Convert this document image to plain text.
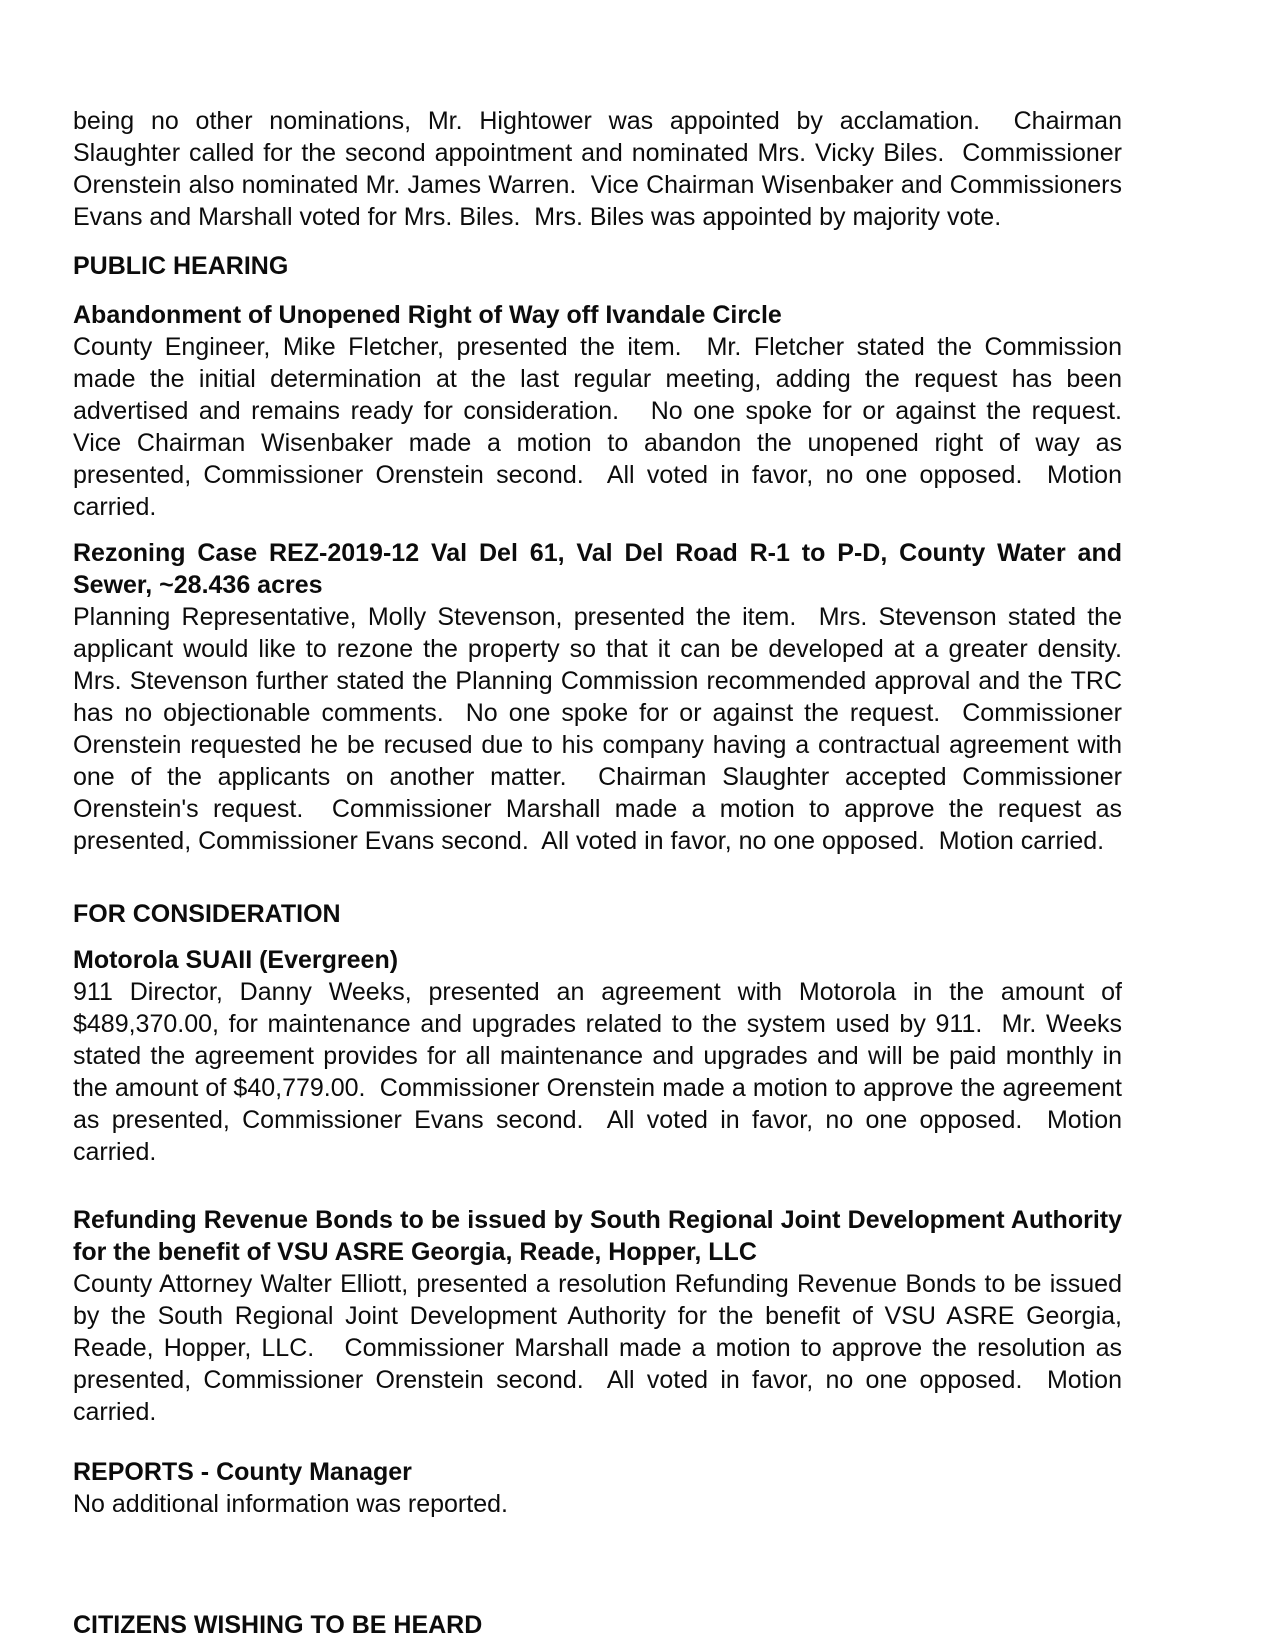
being no other nominations, Mr. Hightower was appointed by acclamation.  Chairman Slaughter called for the second appointment and nominated Mrs. Vicky Biles.  Commissioner Orenstein also nominated Mr. James Warren.  Vice Chairman Wisenbaker and Commissioners Evans and Marshall voted for Mrs. Biles.  Mrs. Biles was appointed by majority vote.

PUBLIC HEARING
Abandonment of Unopened Right of Way off Ivandale Circle

County Engineer, Mike Fletcher, presented the item.  Mr. Fletcher stated the Commission made the initial determination at the last regular meeting, adding the request has been advertised and remains ready for consideration.   No one spoke for or against the request.  Vice Chairman Wisenbaker made a motion to abandon the unopened right of way as presented, Commissioner Orenstein second.  All voted in favor, no one opposed.  Motion carried.

Rezoning Case REZ-2019-12 Val Del 61, Val Del Road R-1 to P-D, County Water and Sewer, ~28.436 acres

Planning Representative, Molly Stevenson, presented the item.  Mrs. Stevenson stated the applicant would like to rezone the property so that it can be developed at a greater density.  Mrs. Stevenson further stated the Planning Commission recommended approval and the TRC has no objectionable comments.  No one spoke for or against the request.  Commissioner Orenstein requested he be recused due to his company having a contractual agreement with one of the applicants on another matter.  Chairman Slaughter accepted Commissioner Orenstein's request.  Commissioner Marshall made a motion to approve the request as presented, Commissioner Evans second.  All voted in favor, no one opposed.  Motion carried.

FOR CONSIDERATION
Motorola SUAII (Evergreen)

911 Director, Danny Weeks, presented an agreement with Motorola in the amount of $489,370.00, for maintenance and upgrades related to the system used by 911.  Mr. Weeks stated the agreement provides for all maintenance and upgrades and will be paid monthly in the amount of $40,779.00.  Commissioner Orenstein made a motion to approve the agreement as presented, Commissioner Evans second.  All voted in favor, no one opposed.  Motion carried.

Refunding Revenue Bonds to be issued by South Regional Joint Development Authority for the benefit of VSU ASRE Georgia, Reade, Hopper, LLC

County Attorney Walter Elliott, presented a resolution Refunding Revenue Bonds to be issued by the South Regional Joint Development Authority for the benefit of VSU ASRE Georgia, Reade, Hopper, LLC.   Commissioner Marshall made a motion to approve the resolution as presented, Commissioner Orenstein second.  All voted in favor, no one opposed.  Motion carried.

REPORTS - County Manager

No additional information was reported.

CITIZENS WISHING TO BE HEARD
